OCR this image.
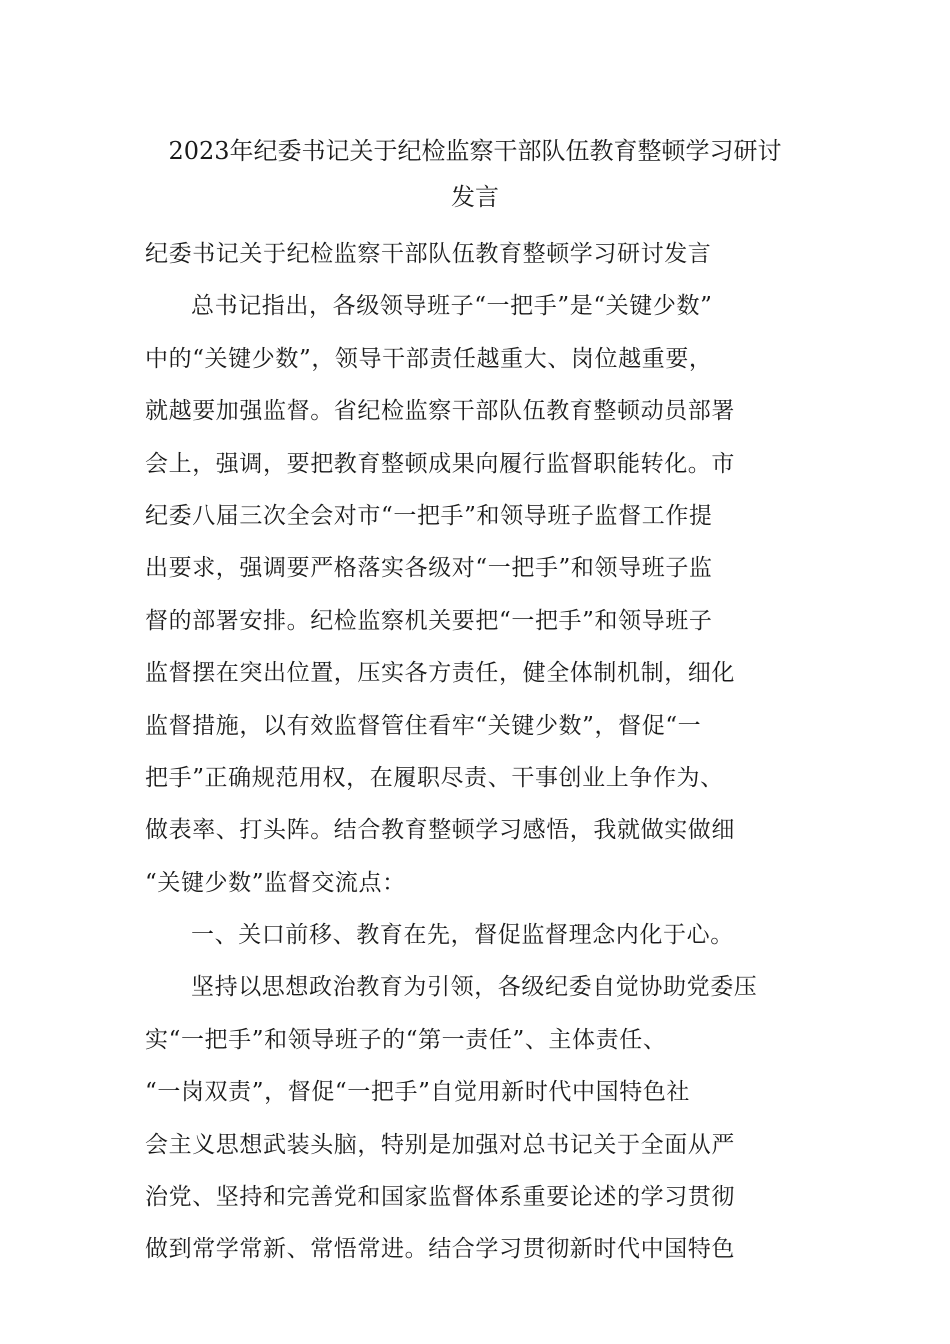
2023年纪委书记关于纪检监察干部队伍教育整顿学习研讨
发言
纪委书记关于纪检监察干部队伍教育整顿学习研讨发言
总书记指出，各级领导班子“一把手”是“关键少数”
中的“关键少数”，领导干部责任越重大、岗位越重要，
就越要加强监督。省纪检监察干部队伍教育整顿动员部署
会上，强调，要把教育整顿成果向履行监督职能转化。市
纪委八届三次全会对市“一把手”和领导班子监督工作提
出要求，强调要严格落实各级对“一把手”和领导班子监
督的部署安排。纪检监察机关要把“一把手”和领导班子
监督摆在突出位置，压实各方责任，健全体制机制，细化
监督措施，以有效监督管住看牢“关键少数”，督促“一
把手”正确规范用权，在履职尽责、干事创业上争作为、
做表率、打头阵。结合教育整顿学习感悟，我就做实做细
“关键少数”监督交流点：
一、关口前移、教育在先，督促监督理念内化于心。
坚持以思想政治教育为引领，各级纪委自觉协助党委压
实“一把手”和领导班子的“第一责任”、主体责任、
“一岗双责”，督促“一把手”自觉用新时代中国特色社
会主义思想武装头脑，特别是加强对总书记关于全面从严
治党、坚持和完善党和国家监督体系重要论述的学习贯彻
做到常学常新、常悟常进。结合学习贯彻新时代中国特色
